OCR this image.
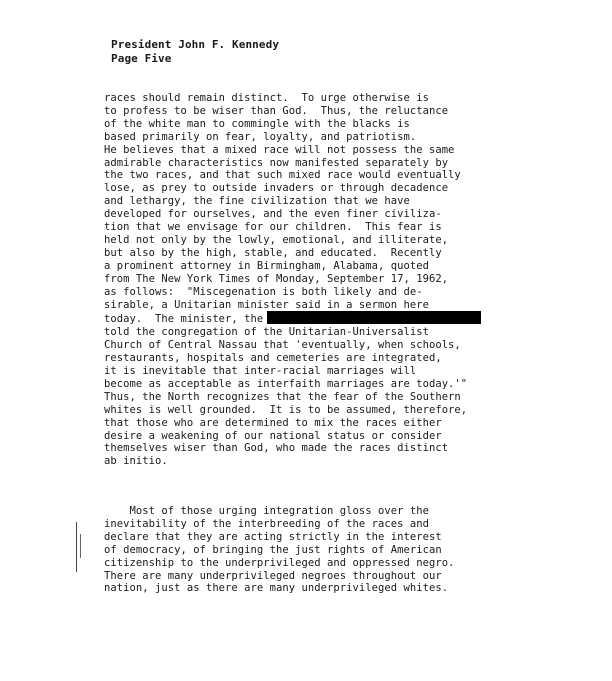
President John F. Kennedy
Page Five
races should remain distinct.  To urge otherwise is
to profess to be wiser than God.  Thus, the reluctance
of the white man to commingle with the blacks is
based primarily on fear, loyalty, and patriotism.
He believes that a mixed race will not possess the same
admirable characteristics now manifested separately by
the two races, and that such mixed race would eventually
lose, as prey to outside invaders or through decadence
and lethargy, the fine civilization that we have
developed for ourselves, and the even finer civiliza-
tion that we envisage for our children.  This fear is
held not only by the lowly, emotional, and illiterate,
but also by the high, stable, and educated.  Recently
a prominent attorney in Birmingham, Alabama, quoted
from The New York Times of Monday, September 17, 1962,
as follows:  "Miscegenation is both likely and de-
sirable, a Unitarian minister said in a sermon here
today.  The minister, the
told the congregation of the Unitarian-Universalist
Church of Central Nassau that 'eventually, when schools,
restaurants, hospitals and cemeteries are integrated,
it is inevitable that inter-racial marriages will
become as acceptable as interfaith marriages are today.'"
Thus, the North recognizes that the fear of the Southern
whites is well grounded.  It is to be assumed, therefore,
that those who are determined to mix the races either
desire a weakening of our national status or consider
themselves wiser than God, who made the races distinct
ab initio.
Most of those urging integration gloss over the
inevitability of the interbreeding of the races and
declare that they are acting strictly in the interest
of democracy, of bringing the just rights of American
citizenship to the underprivileged and oppressed negro.
There are many underprivileged negroes throughout our
nation, just as there are many underprivileged whites.
